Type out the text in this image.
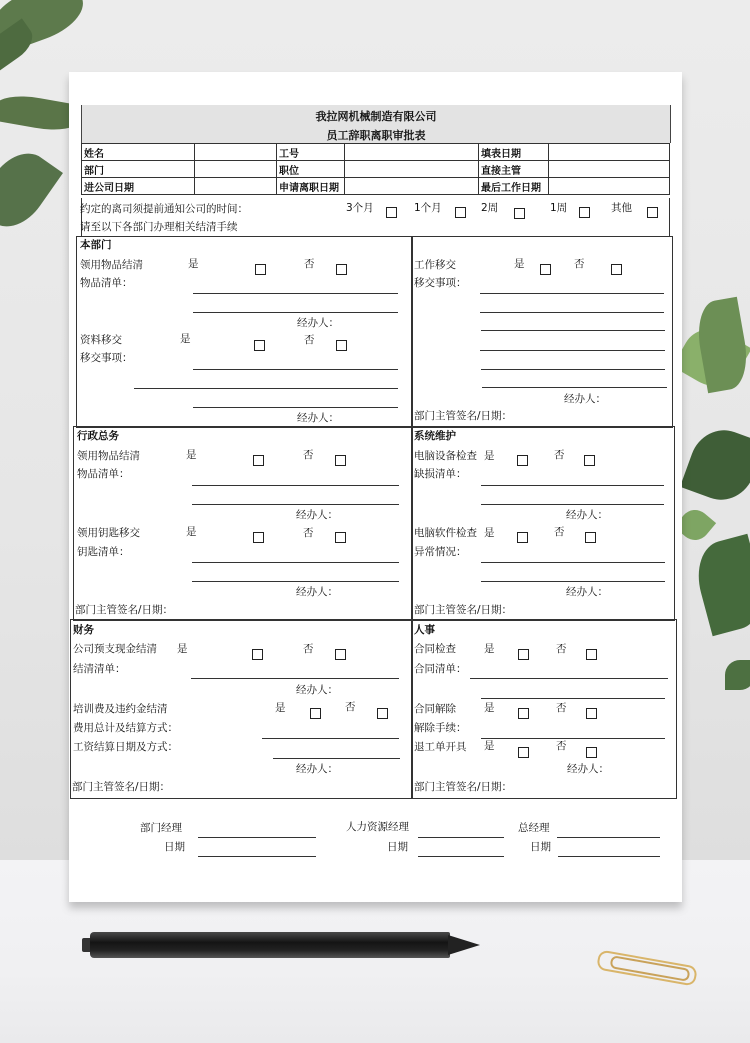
我拉网机械制造有限公司
员工辞职离职审批表
姓名		工号		填表日期	
部门		职位		直接主管	
进公司日期		申请离职日期		最后工作日期	
约定的离司须提前通知公司的时间：	3个月	1个月	2周	1周	其他
请至以下各部门办理相关结清手续
本部门
领用物品结清	是	否
物品清单：
经办人：
资料移交	是	否
移交事项：
经办人：
工作移交	是	否
移交事项：
经办人：
部门主管签名/日期：
行政总务
领用物品结清	是	否
物品清单：
经办人：
领用钥匙移交	是	否
钥匙清单：
经办人：
部门主管签名/日期：
系统维护
电脑设备检查 是	否
缺损清单：
经办人：
电脑软件检查 是	否
异常情况：
经办人：
部门主管签名/日期：
财务
公司预支现金结清 是	否
结清清单：
经办人：
培训费及违约金结清	是	否
费用总计及结算方式：
工资结算日期及方式：
经办人：
部门主管签名/日期：
人事
合同检查	是	否
合同清单：
合同解除	是	否
解除手续：
退工单开具 是	否
经办人：
部门主管签名/日期：
部门经理
日期
人力资源经理
日期
总经理
日期
